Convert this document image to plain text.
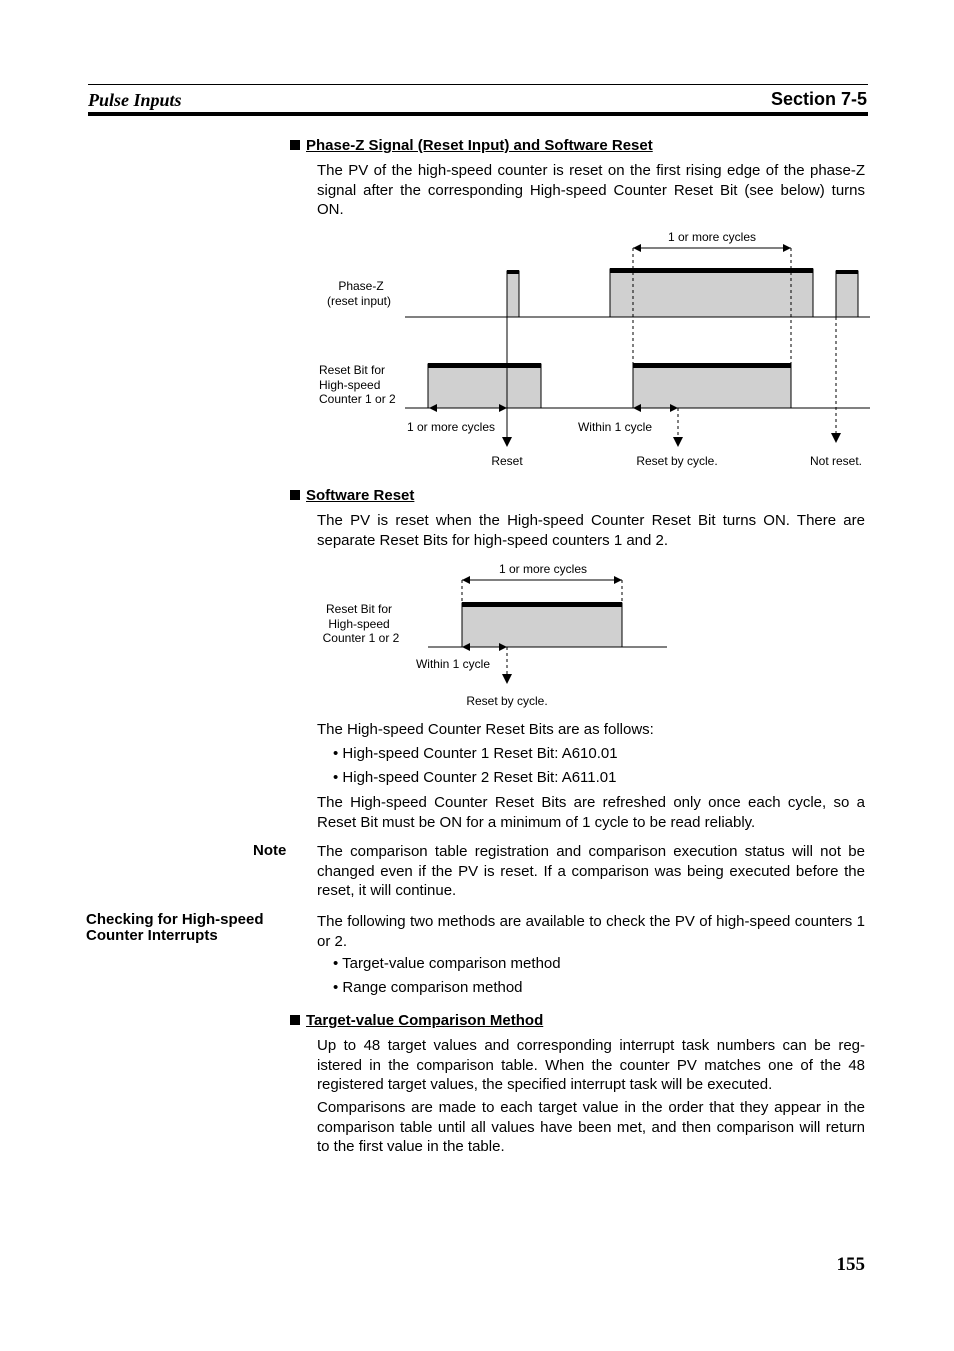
Pulse Inputs	Section 7-5
Phase-Z Signal (Reset Input) and Software Reset
The PV of the high-speed counter is reset on the first rising edge of the phase-Z signal after the corresponding High-speed Counter Reset Bit (see below) turns ON.
1 or more cycles
Phase-Z
(reset input)
Reset Bit for
High-speed
Counter 1 or 2
1 or more cycles	Within 1 cycle
Reset	Reset by cycle.	Not reset.
Software Reset
The PV is reset when the High-speed Counter Reset Bit turns ON. There are separate Reset Bits for high-speed counters 1 and 2.
1 or more cycles
Reset Bit for
High-speed
Counter 1 or 2
Within 1 cycle
Reset by cycle.
The High-speed Counter Reset Bits are as follows:
• High-speed Counter 1 Reset Bit: A610.01
• High-speed Counter 2 Reset Bit: A611.01
The High-speed Counter Reset Bits are refreshed only once each cycle, so a Reset Bit must be ON for a minimum of 1 cycle to be read reliably.
Note The comparison table registration and comparison execution status will not be changed even if the PV is reset. If a comparison was being executed before the reset, it will continue.
Checking for High-speed
Counter Interrupts
The following two methods are available to check the PV of high-speed counters 1 or 2.
• Target-value comparison method
• Range comparison method
Target-value Comparison Method
Up to 48 target values and corresponding interrupt task numbers can be reg-istered in the comparison table. When the counter PV matches one of the 48 registered target values, the specified interrupt task will be executed.
Comparisons are made to each target value in the order that they appear in the comparison table until all values have been met, and then comparison will return to the first value in the table.
155
